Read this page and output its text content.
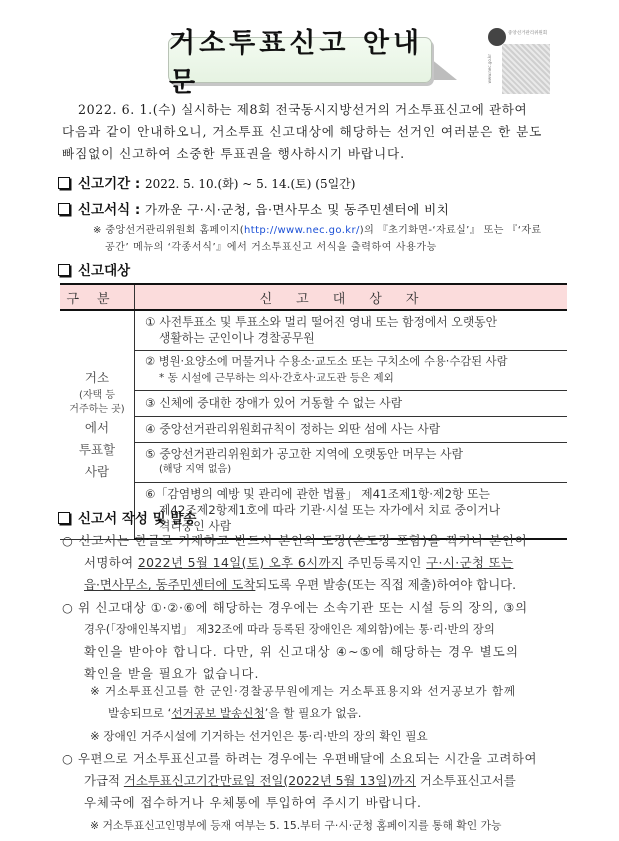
거소투표신고 안내문
중앙선거관리위원회
www.nec.go.kr
2022. 6. 1.(수) 실시하는 제8회 전국동시지방선거의 거소투표신고에 관하여
다음과 같이 안내하오니, 거소투표 신고대상에 해당하는 선거인 여러분은 한 분도
빠짐없이 신고하여 소중한 투표권을 행사하시기 바랍니다.
신고기간 : 2022. 5. 10.(화) ~ 5. 14.(토) (5일간)
신고서식 : 가까운 구·시·군청, 읍·면사무소 및 동주민센터에 비치
※ 중앙선거관리위원회 홈페이지(http://www.nec.go.kr/)의 『초기화면-‘자료실’』 또는 『‘자료
공간’ 메뉴의 ‘각종서식’』에서 거소투표신고 서식을 출력하여 사용가능
신고대상
구분	신고대상자

거소
(자택 등
거주하는 곳)
에서
투표할
사람

① 사전투표소 및 투표소와 멀리 떨어진 영내 또는 함정에서 오랫동안
생활하는 군인이나 경찰공무원

	② 병원·요양소에 머물거나 수용소·교도소 또는 구치소에 수용·수감된 사람
* 동 시설에 근무하는 의사·간호사·교도관 등은 제외

	③ 신체에 중대한 장애가 있어 거동할 수 없는 사람

	④ 중앙선거관리위원회규칙이 정하는 외딴 섬에 사는 사람

	⑤ 중앙선거관리위원회가 공고한 지역에 오랫동안 머무는 사람
(해당 지역 없음)

	⑥「감염병의 예방 및 관리에 관한 법률」 제41조제1항·제2항 또는
제42조제2항제1호에 따라 기관·시설 또는 자가에서 치료 중이거나
격리중인 사람
신고서 작성 및 발송
○ 신고서는 한글로 기재하고 반드시 본인의 도장(손도장 포함)을 찍거나 본인이
서명하여 2022년 5월 14일(토) 오후 6시까지 주민등록지인 구·시·군청 또는
읍·면사무소, 동주민센터에 도착되도록 우편 발송(또는 직접 제출)하여야 합니다.
○ 위 신고대상 ①·②·⑥에 해당하는 경우에는 소속기관 또는 시설 등의 장의, ③의
경우(「장애인복지법」 제32조에 따라 등록된 장애인은 제외함)에는 통·리·반의 장의
확인을 받아야 합니다. 다만, 위 신고대상 ④~⑤에 해당하는 경우 별도의
확인을 받을 필요가 없습니다.
※ 거소투표신고를 한 군인·경찰공무원에게는 거소투표용지와 선거공보가 함께
발송되므로 ‘선거공보 발송신청’을 할 필요가 없음.
※ 장애인 거주시설에 기거하는 선거인은 통·리·반의 장의 확인 필요
○ 우편으로 거소투표신고를 하려는 경우에는 우편배달에 소요되는 시간을 고려하여
가급적 거소투표신고기간만료일 전일(2022년 5월 13일)까지 거소투표신고서를
우체국에 접수하거나 우체통에 투입하여 주시기 바랍니다.
※ 거소투표신고인명부에 등재 여부는 5. 15.부터 구·시·군청 홈페이지를 통해 확인 가능
